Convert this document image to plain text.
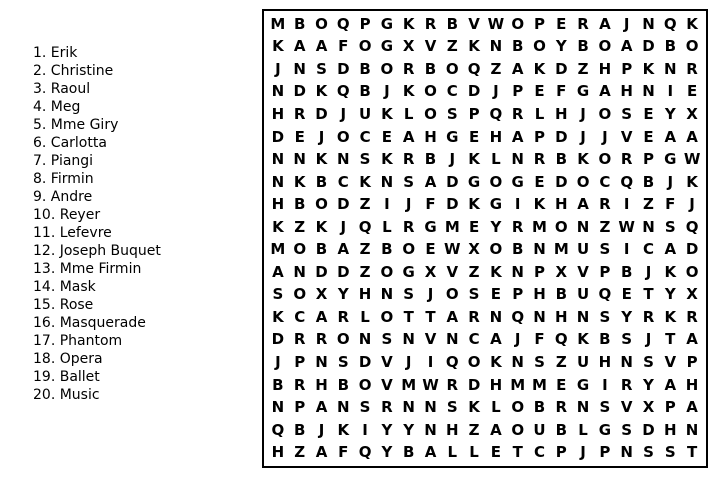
1. Erik
2. Christine
3. Raoul
4. Meg
5. Mme Giry
6. Carlotta
7. Piangi
8. Firmin
9. Andre
10. Reyer
11. Lefevre
12. Joseph Buquet
13. Mme Firmin
14. Mask
15. Rose
16. Masquerade
17. Phantom
18. Opera
19. Ballet
20. Music
M B O Q P G K R B V W O P E R A J N Q K
K A A F O G X V Z K N B O Y B O A D B O
J N S D B O R B O Q Z A K D Z H P K N R
N D K Q B J K O C D J P E F G A H N I E
H R D J U K L O S P Q R L H J O S E Y X
D E J O C E A H G E H A P D J	J V E A A
N N K N S K R B J K L N R B K O R P G W
N K B C K N S A D G O G E D O C Q B J K
H B O D Z I	J F D K G I K H A R I Z F J
K Z K J Q L R G M E Y R M O N Z W N S Q
M O B A Z B O E W X O B N M U S I C A D
A N D D Z O G X V Z K N P X V P B J K O
S O X Y H N S J O S E P H B U Q E T Y X
K C A R L O T T A R N Q N H N S Y R K R
D R R O N S N V N C A J F Q K B S J T A
J P N S D V J	I Q O K N S Z U H N S V P
B R H B O V M W R D H M M E G I R Y A H
N P A N S R N N S K L O B R N S V X P A
Q B J K I Y Y N H Z A O U B L G S D H N
H Z A F Q Y B A L L E T C P J P N S S T
